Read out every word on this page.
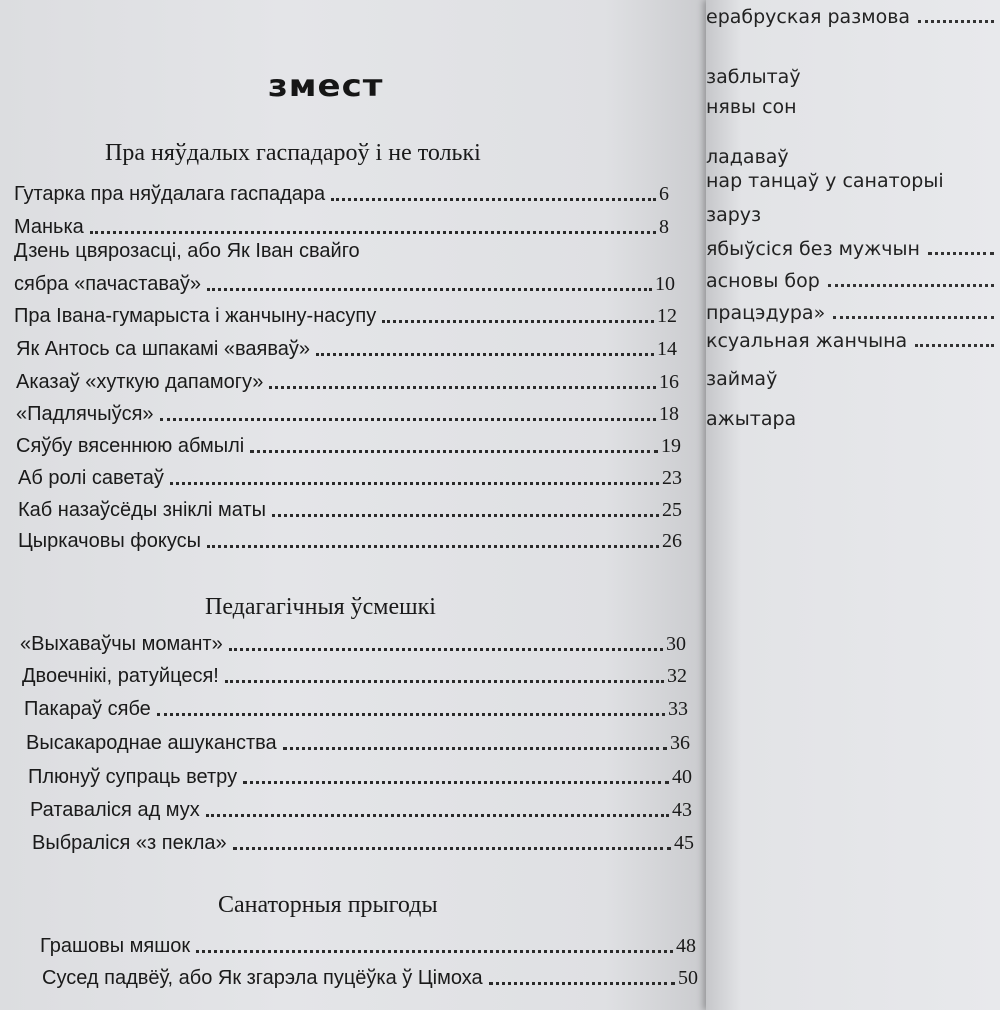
змест
Пра няўдалых гаспадароў і не толькі
Гутарка пра няўдалага гаспадара	6
Манька	8
Дзень цвярозасці, або Як Іван свайго
сябра «пачаставаў»	10
Пра Івана-гумарыста і жанчыну-насупу	12
Як Антось са шпакамі «ваяваў»	14
Аказаў «хуткую дапамогу»	16
«Падлячыўся»	18
Сяўбу вясеннюю абмылі	19
Аб ролі саветаў	23
Каб назаўсёды зніклі маты	25
Цыркачовы фокусы	26
Педагагічныя ўсмешкі
«Выхаваўчы момант»	30
Двоечнікі, ратуйцеся!	32
Пакараў сябе	33
Высакароднае ашуканства	36
Плюнуў супраць ветру	40
Ратаваліся ад мух	43
Выбраліся «з пекла»	45
Санаторныя прыгоды
Грашовы мяшок	48
Сусед падвёў, або Як згарэла пуцёўка ў Цімоха	50
ерабруская размова
заблытаў
нявы сон
ладаваў
нар танцаў у санаторыі
заруз
ябыўсіся без мужчын
асновы бор
працэдура»
ксуальная жанчына
займаў
ажытара
